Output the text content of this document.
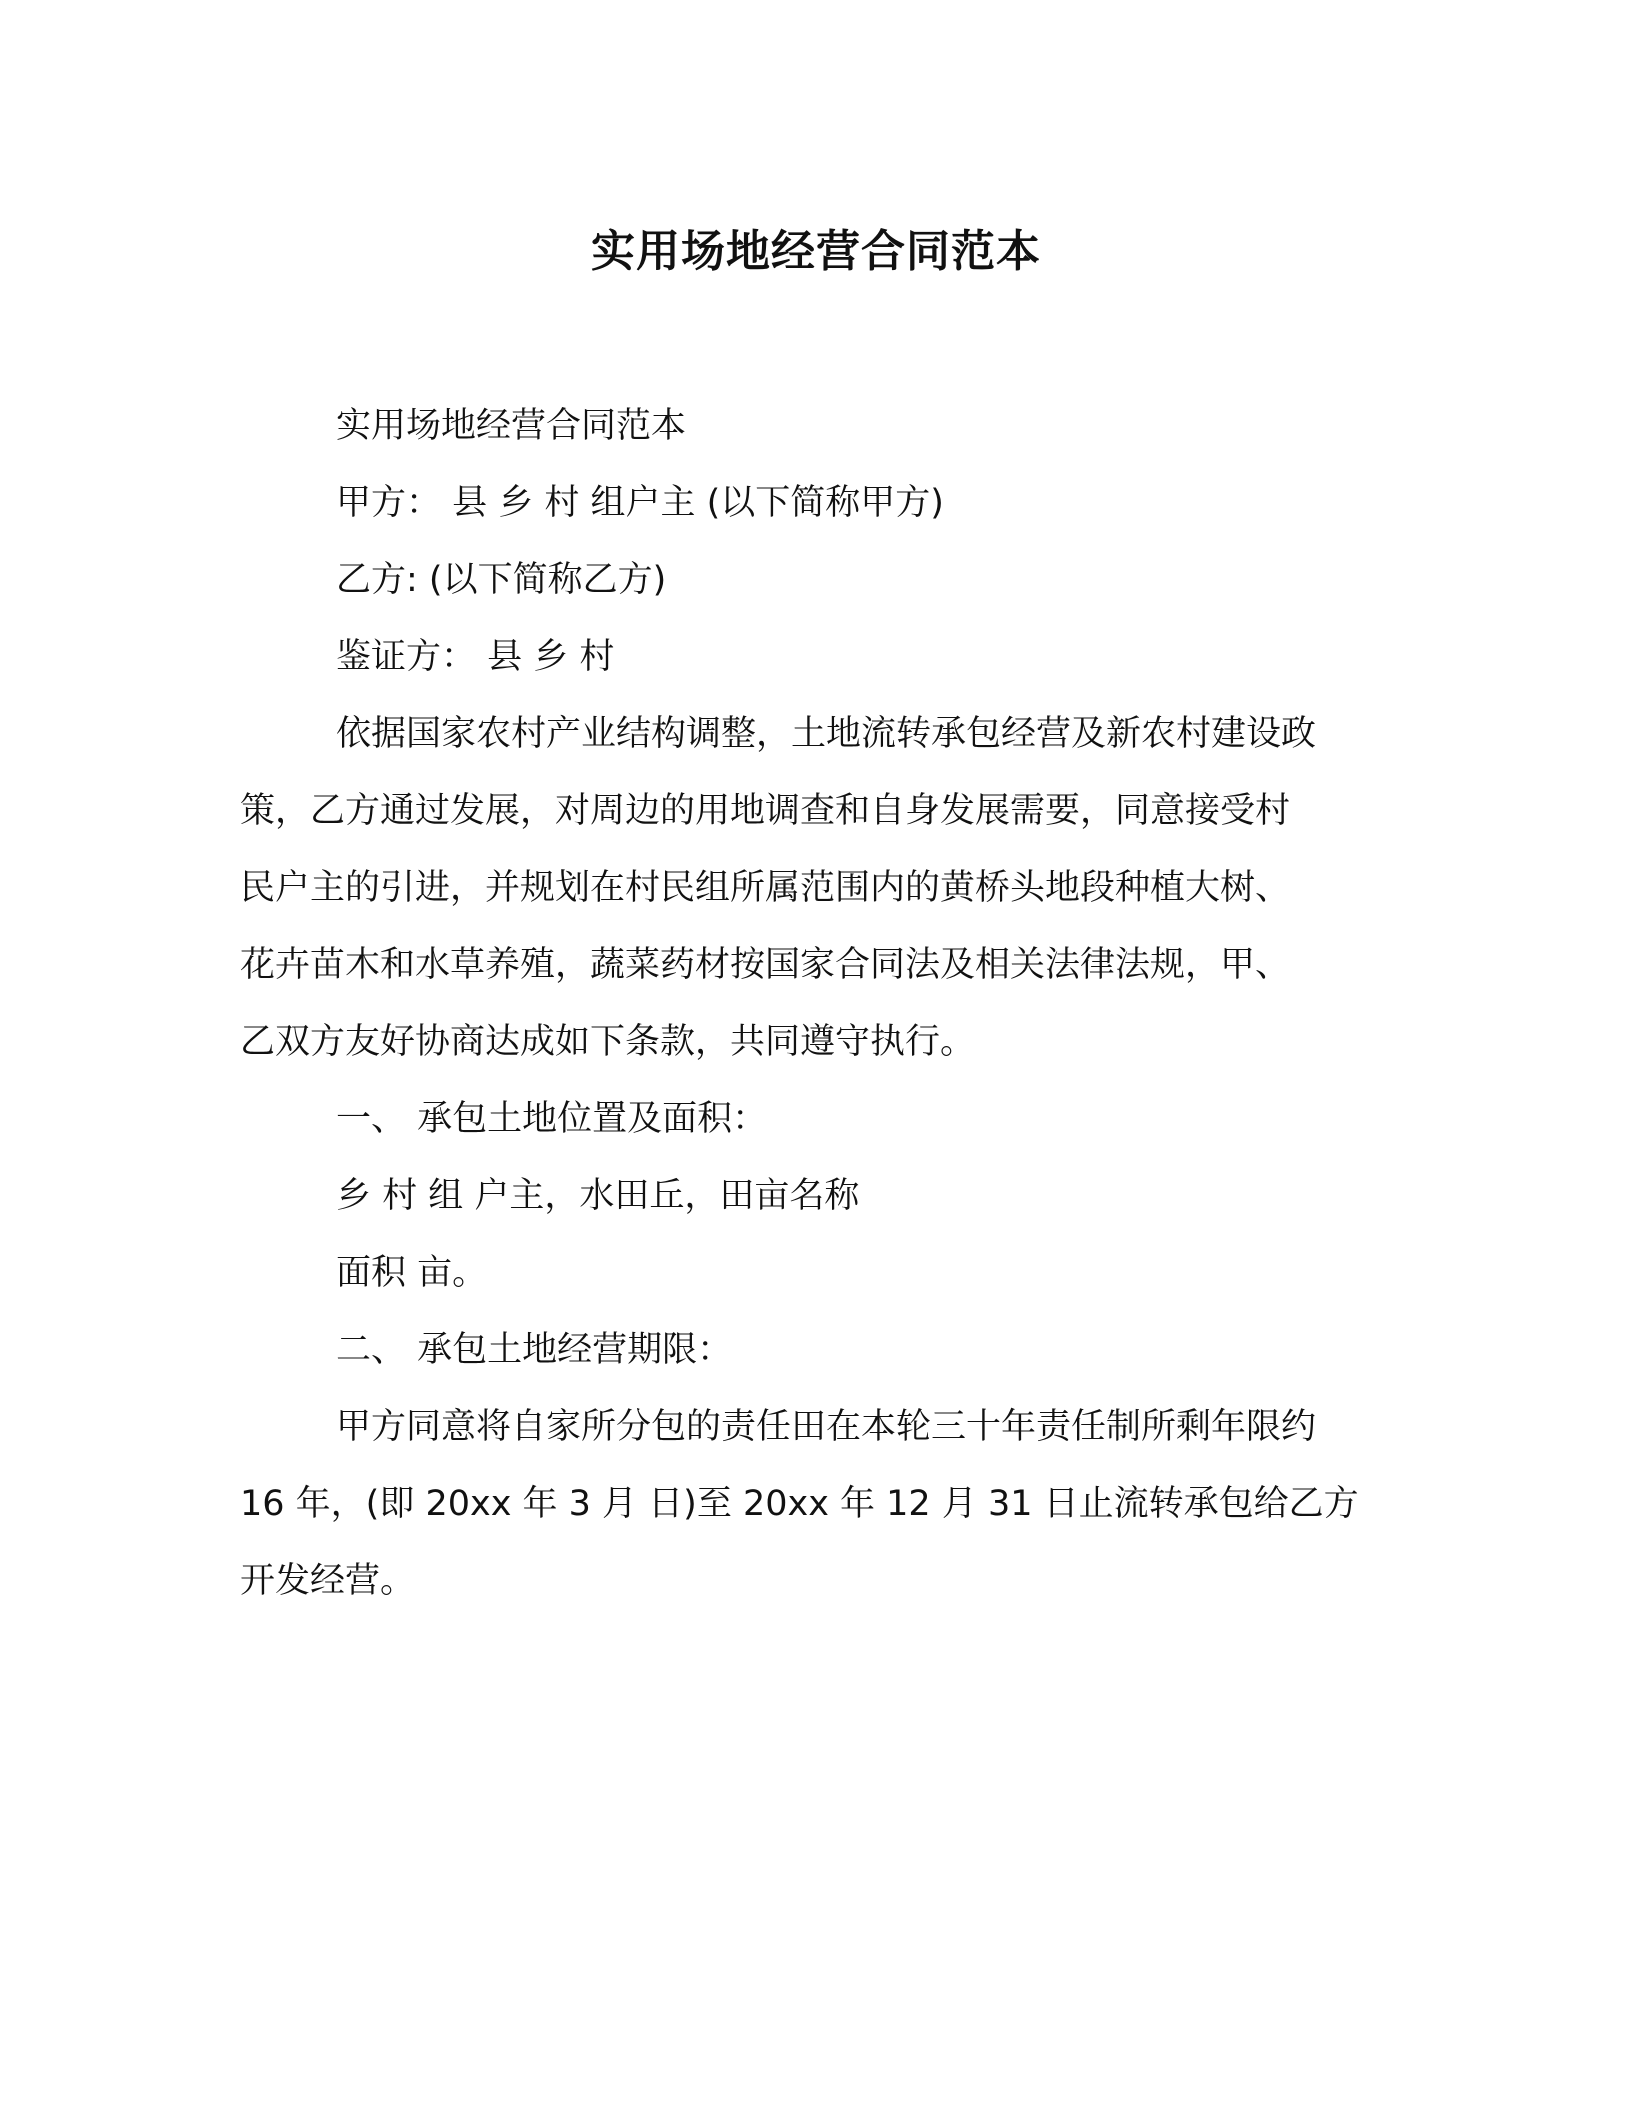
实用场地经营合同范本

实用场地经营合同范本

甲方： 县 乡 村 组户主 (以下简称甲方)

乙方: (以下简称乙方)

鉴证方： 县 乡 村

依据国家农村产业结构调整，土地流转承包经营及新农村建设政

策，乙方通过发展，对周边的用地调查和自身发展需要，同意接受村

民户主的引进，并规划在村民组所属范围内的黄桥头地段种植大树、

花卉苗木和水草养殖，蔬菜药材按国家合同法及相关法律法规，甲、

乙双方友好协商达成如下条款，共同遵守执行。

一、 承包土地位置及面积：

乡 村 组 户主，水田丘，田亩名称

面积 亩。

二、 承包土地经营期限：

甲方同意将自家所分包的责任田在本轮三十年责任制所剩年限约

16 年，(即 20xx 年 3 月 日)至 20xx 年 12 月 31 日止流转承包给乙方

开发经营。
